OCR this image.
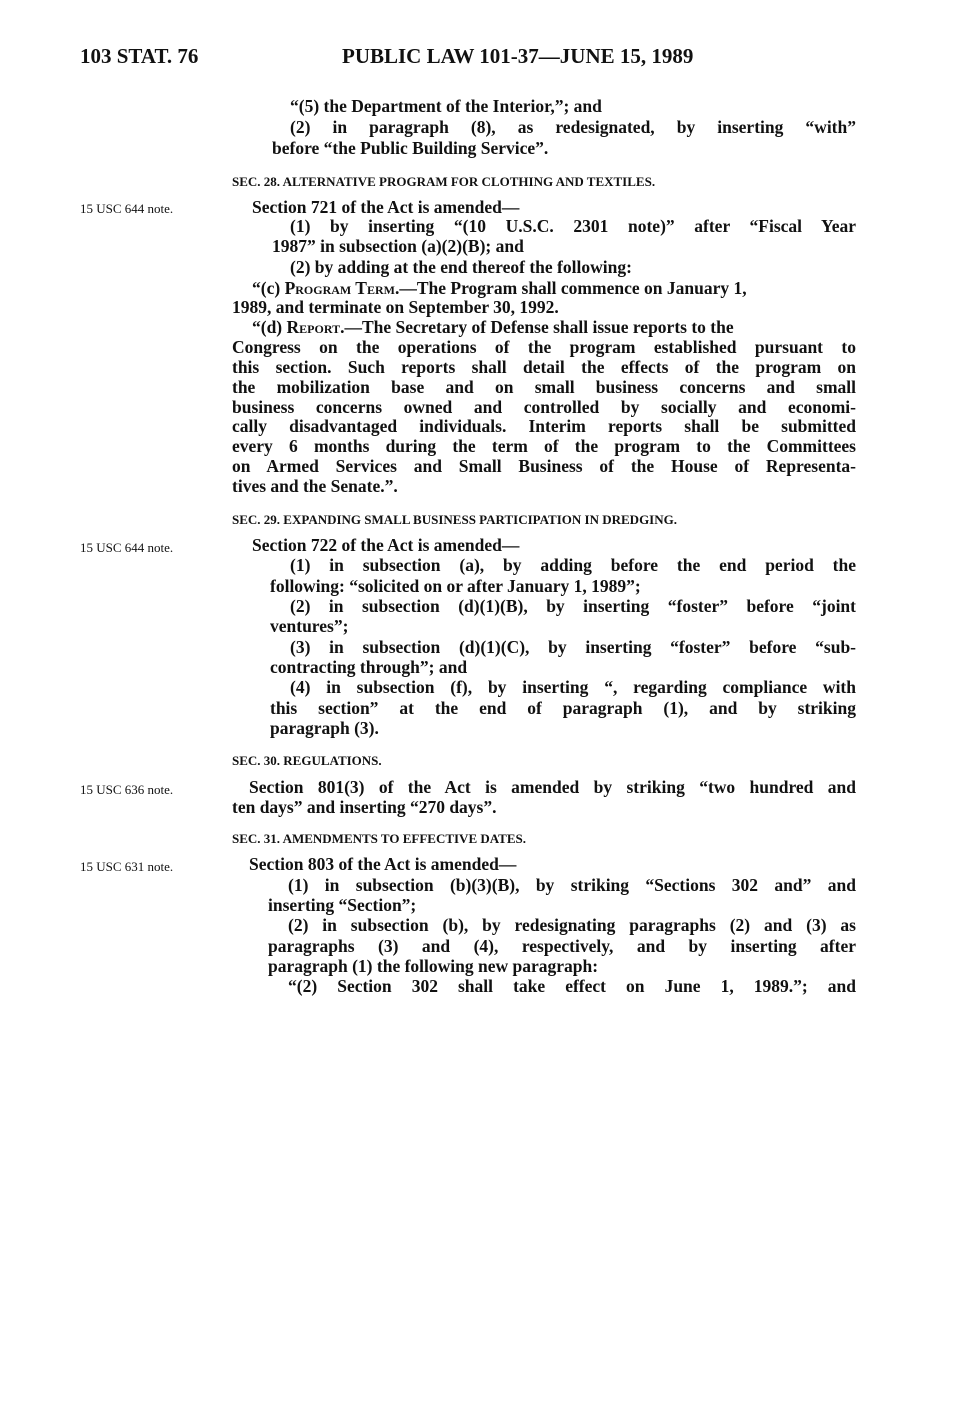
103 STAT. 76	PUBLIC LAW 101-37—JUNE 15, 1989
“(5) the Department of the Interior,”; and
(2) in paragraph (8), as redesignated, by inserting “with”
before “the Public Building Service”.
SEC. 28. ALTERNATIVE PROGRAM FOR CLOTHING AND TEXTILES.
15 USC 644 note.	Section 721 of the Act is amended—
(1) by inserting “(10 U.S.C. 2301 note)” after “Fiscal Year
1987” in subsection (a)(2)(B); and
(2) by adding at the end thereof the following:
“(c) Program Term.—The Program shall commence on January 1,
1989, and terminate on September 30, 1992.
“(d) Report.—The Secretary of Defense shall issue reports to the
Congress on the operations of the program established pursuant to
this section. Such reports shall detail the effects of the program on
the mobilization base and on small business concerns and small
business concerns owned and controlled by socially and economi-
cally disadvantaged individuals. Interim reports shall be submitted
every 6 months during the term of the program to the Committees
on Armed Services and Small Business of the House of Representa-
tives and the Senate.”.
SEC. 29. EXPANDING SMALL BUSINESS PARTICIPATION IN DREDGING.
15 USC 644 note.	Section 722 of the Act is amended—
(1) in subsection (a), by adding before the end period the
following: “solicited on or after January 1, 1989”;
(2) in subsection (d)(1)(B), by inserting “foster” before “joint
ventures”;
(3) in subsection (d)(1)(C), by inserting “foster” before “sub-
contracting through”; and
(4) in subsection (f), by inserting “, regarding compliance with
this section” at the end of paragraph (1), and by striking
paragraph (3).
SEC. 30. REGULATIONS.
15 USC 636 note.	Section 801(3) of the Act is amended by striking “two hundred and
ten days” and inserting “270 days”.
SEC. 31. AMENDMENTS TO EFFECTIVE DATES.
15 USC 631 note.	Section 803 of the Act is amended—
(1) in subsection (b)(3)(B), by striking “Sections 302 and” and
inserting “Section”;
(2) in subsection (b), by redesignating paragraphs (2) and (3) as
paragraphs (3) and (4), respectively, and by inserting after
paragraph (1) the following new paragraph:
“(2) Section 302 shall take effect on June 1, 1989.”; and
